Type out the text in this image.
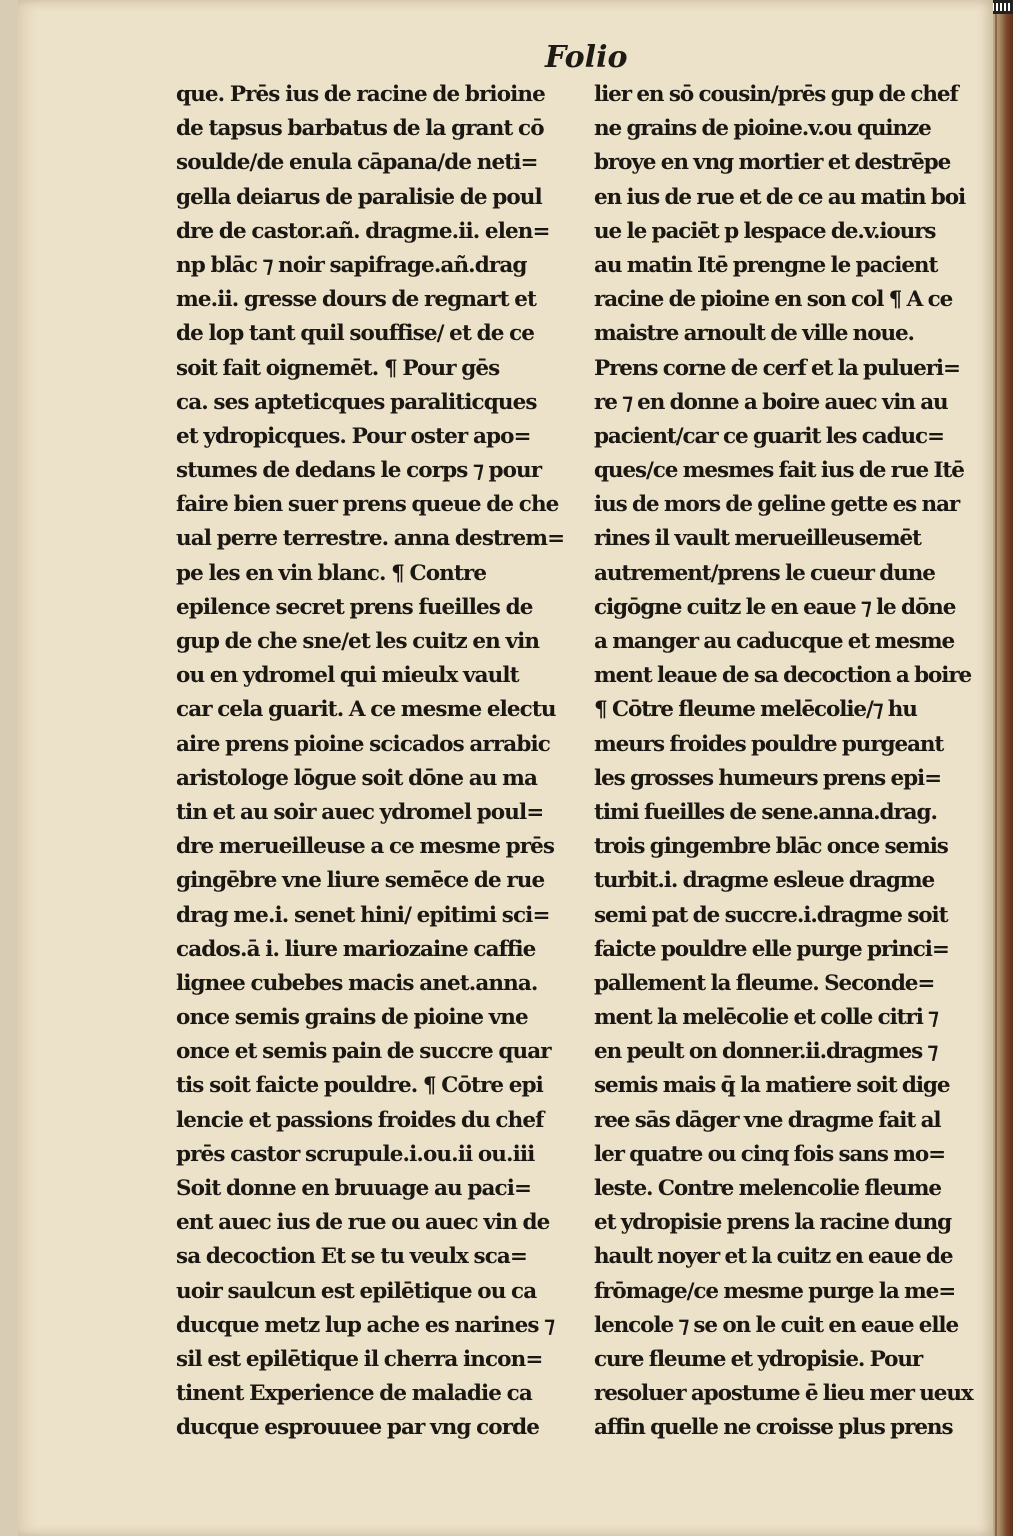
Folio
que. Prēs ius de racine de brioine
de tapsus barbatus de la grant cō
soulde/de enula cāpana/de neti=
gella deiarus de paralisie de poul
dre de castor.añ. dragme.ii. elen=
np blāc ⁊ noir sapifrage.añ.drag
me.ii. gresse dours de regnart et
de lop tant quil souffise/ et de ce
soit fait oignemēt. ¶ Pour gēs
ca. ses apteticques paraliticques
et ydropicques. Pour oster apo=
stumes de dedans le corps ⁊ pour
faire bien suer prens queue de che
ual perre terrestre. anna destrem=
pe les en vin blanc. ¶ Contre
epilence secret prens fueilles de
gup de che sne/et les cuitz en vin
ou en ydromel qui mieulx vault
car cela guarit. A ce mesme electu
aire prens pioine scicados arrabic
aristologe lōgue soit dōne au ma
tin et au soir auec ydromel poul=
dre merueilleuse a ce mesme prēs
gingēbre vne liure semēce de rue
drag me.i. senet hini/ epitimi sci=
cados.ā i. liure mariozaine caffie
lignee cubebes macis anet.anna.
once semis grains de pioine vne
once et semis pain de succre quar
tis soit faicte pouldre. ¶ Cōtre epi
lencie et passions froides du chef
prēs castor scrupule.i.ou.ii ou.iii
Soit donne en bruuage au paci=
ent auec ius de rue ou auec vin de
sa decoction Et se tu veulx sca=
uoir saulcun est epilētique ou ca
ducque metz lup ache es narines ⁊
sil est epilētique il cherra incon=
tinent Experience de maladie ca
ducque esprouuee par vng corde
lier en sō cousin/prēs gup de chef
ne grains de pioine.v.ou quinze
broye en vng mortier et destrēpe
en ius de rue et de ce au matin boi
ue le paciēt p lespace de.v.iours
au matin Itē prengne le pacient
racine de pioine en son col ¶ A ce
maistre arnoult de ville noue.
Prens corne de cerf et la pulueri=
re ⁊ en donne a boire auec vin au
pacient/car ce guarit les caduc=
ques/ce mesmes fait ius de rue Itē
ius de mors de geline gette es nar
rines il vault merueilleusemēt
autrement/prens le cueur dune
cigōgne cuitz le en eaue ⁊ le dōne
a manger au caducque et mesme
ment leaue de sa decoction a boire
¶ Cōtre fleume melēcolie/⁊ hu
meurs froides pouldre purgeant
les grosses humeurs prens epi=
timi fueilles de sene.anna.drag.
trois gingembre blāc once semis
turbit.i. dragme esleue dragme
semi pat de succre.i.dragme soit
faicte pouldre elle purge princi=
pallement la fleume. Seconde=
ment la melēcolie et colle citri ⁊
en peult on donner.ii.dragmes ⁊
semis mais q̄ la matiere soit dige
ree sās dāger vne dragme fait al
ler quatre ou cinq fois sans mo=
leste. Contre melencolie fleume
et ydropisie prens la racine dung
hault noyer et la cuitz en eaue de
frōmage/ce mesme purge la me=
lencole ⁊ se on le cuit en eaue elle
cure fleume et ydropisie. Pour
resoluer apostume ē lieu mer ueux
affin quelle ne croisse plus prens
